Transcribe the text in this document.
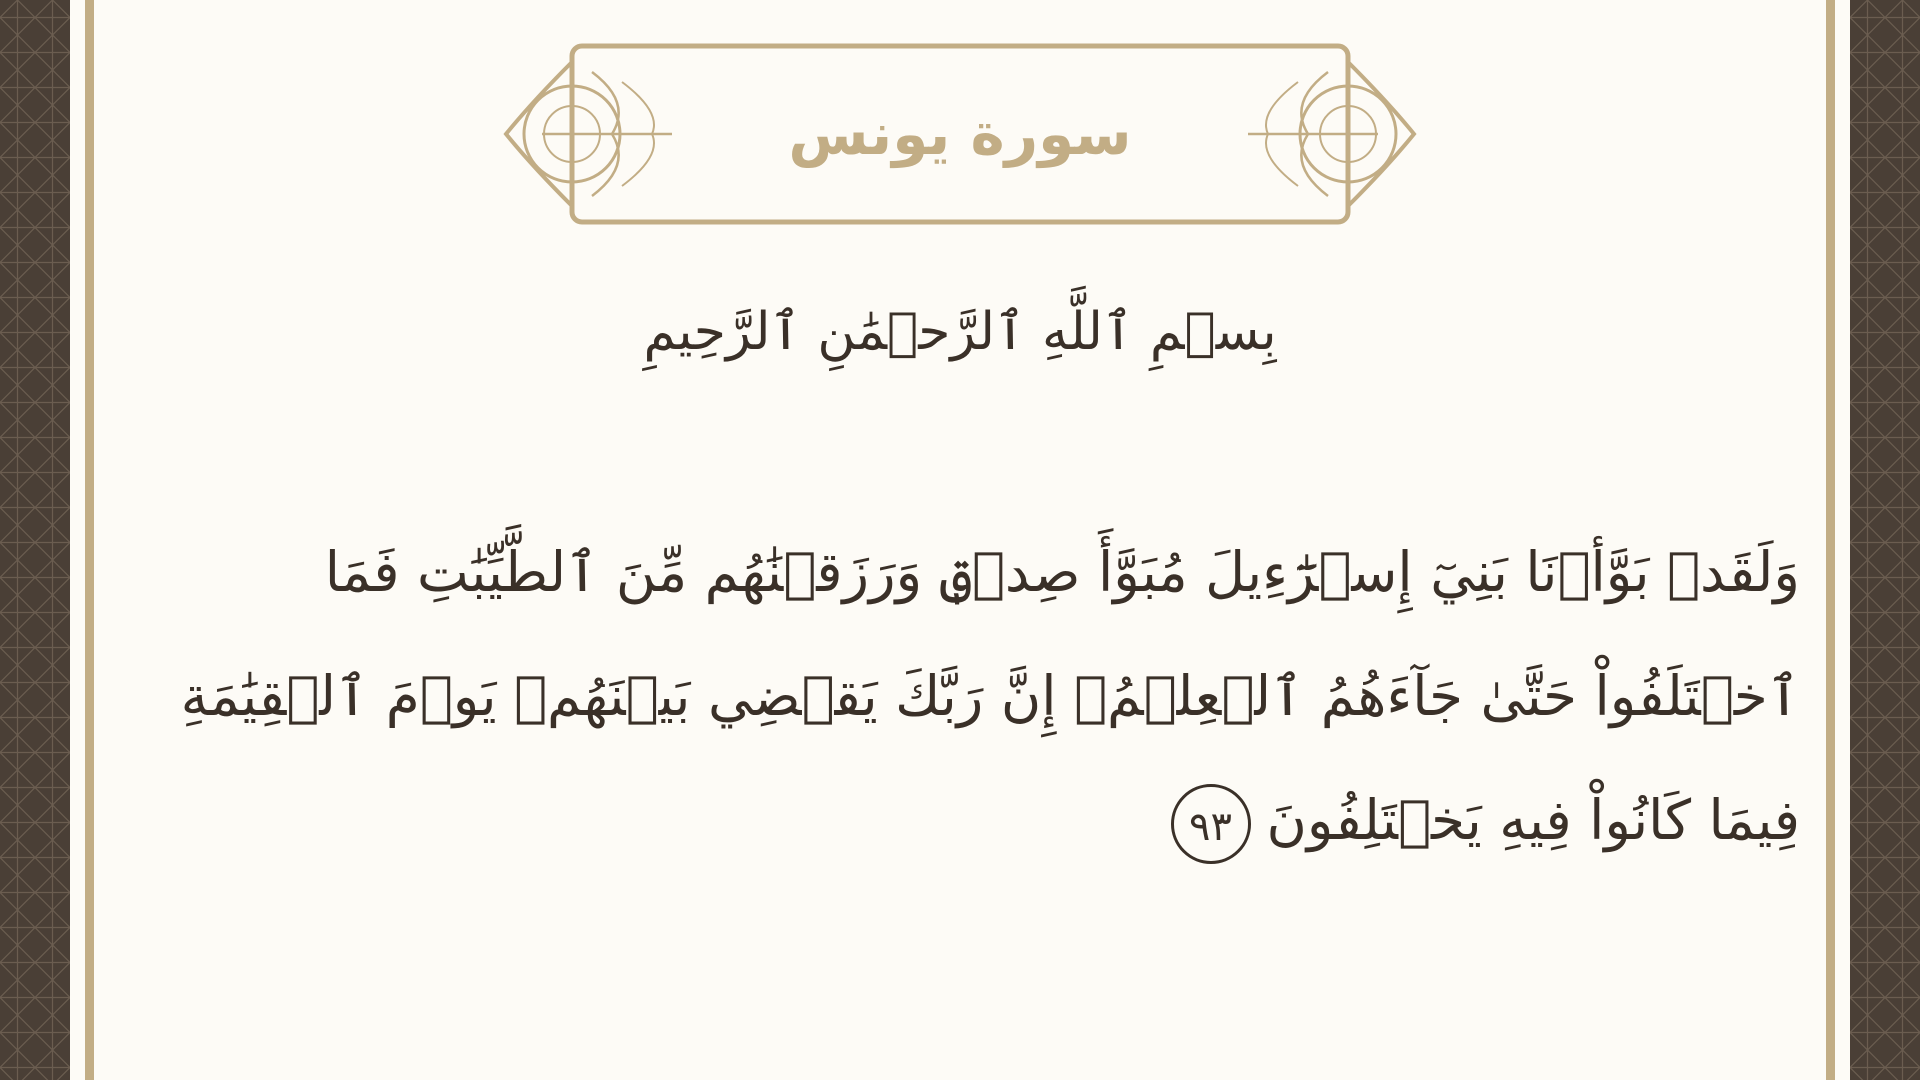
سورة يونس
بِسۡمِ ٱللَّهِ ٱلرَّحۡمَٰنِ ٱلرَّحِيمِ
وَلَقَدۡ بَوَّأۡنَا بَنِيٓ إِسۡرَٰٓءِيلَ مُبَوَّأَ صِدۡقٖ وَرَزَقۡنَٰهُم مِّنَ ٱلطَّيِّبَٰتِ فَمَا
ٱخۡتَلَفُواْ حَتَّىٰ جَآءَهُمُ ٱلۡعِلۡمُۚ إِنَّ رَبَّكَ يَقۡضِي بَيۡنَهُمۡ يَوۡمَ ٱلۡقِيَٰمَةِ
فِيمَا كَانُواْ فِيهِ يَخۡتَلِفُونَ٩٣
